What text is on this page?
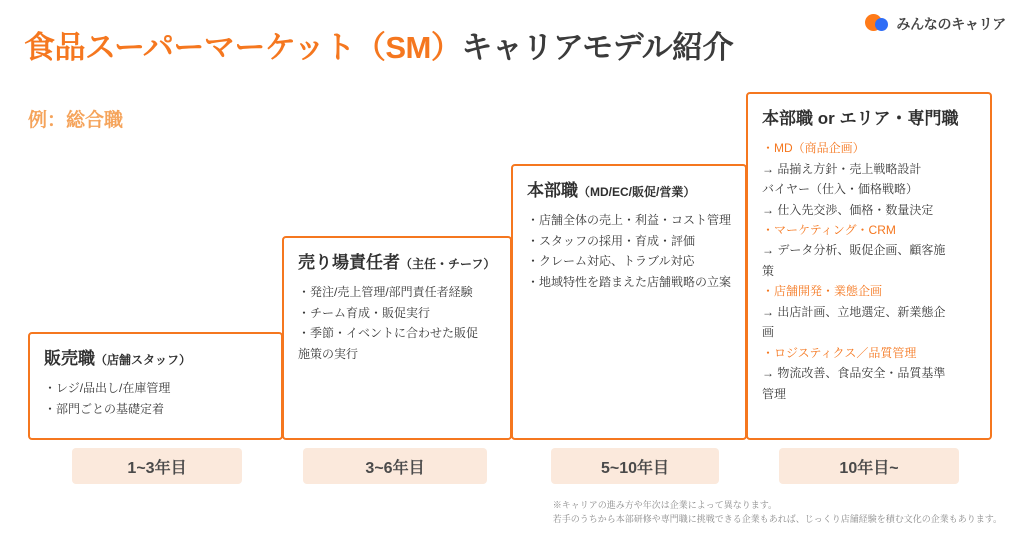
みんなのキャリア
食品スーパーマーケット（SM）キャリアモデル紹介
例：総合職
販売職（店舗スタッフ）
・レジ/品出し/在庫管理
・部門ごとの基礎定着
売り場責任者（主任・チーフ）
・発注/売上管理/部門責任者経験
・チーム育成・販促実行
・季節・イベントに合わせた販促
施策の実行
本部職（MD/EC/販促/営業）
・店舗全体の売上・利益・コスト管理
・スタッフの採用・育成・評価
・クレーム対応、トラブル対応
・地域特性を踏まえた店舗戦略の立案
本部職 or エリア・専門職
・MD（商品企画）
→ 品揃え方針・売上戦略設計
バイヤー（仕入・価格戦略）
→ 仕入先交渉、価格・数量決定
・マーケティング・CRM
→ データ分析、販促企画、顧客施
策
・店舗開発・業態企画
→ 出店計画、立地選定、新業態企
画
・ロジスティクス／品質管理
→ 物流改善、食品安全・品質基準
管理
1~3年目	3~6年目	5~10年目	10年目~
※キャリアの進み方や年次は企業によって異なります。
若手のうちから本部研修や専門職に挑戦できる企業もあれば、じっくり店舗経験を積む文化の企業もあります。
